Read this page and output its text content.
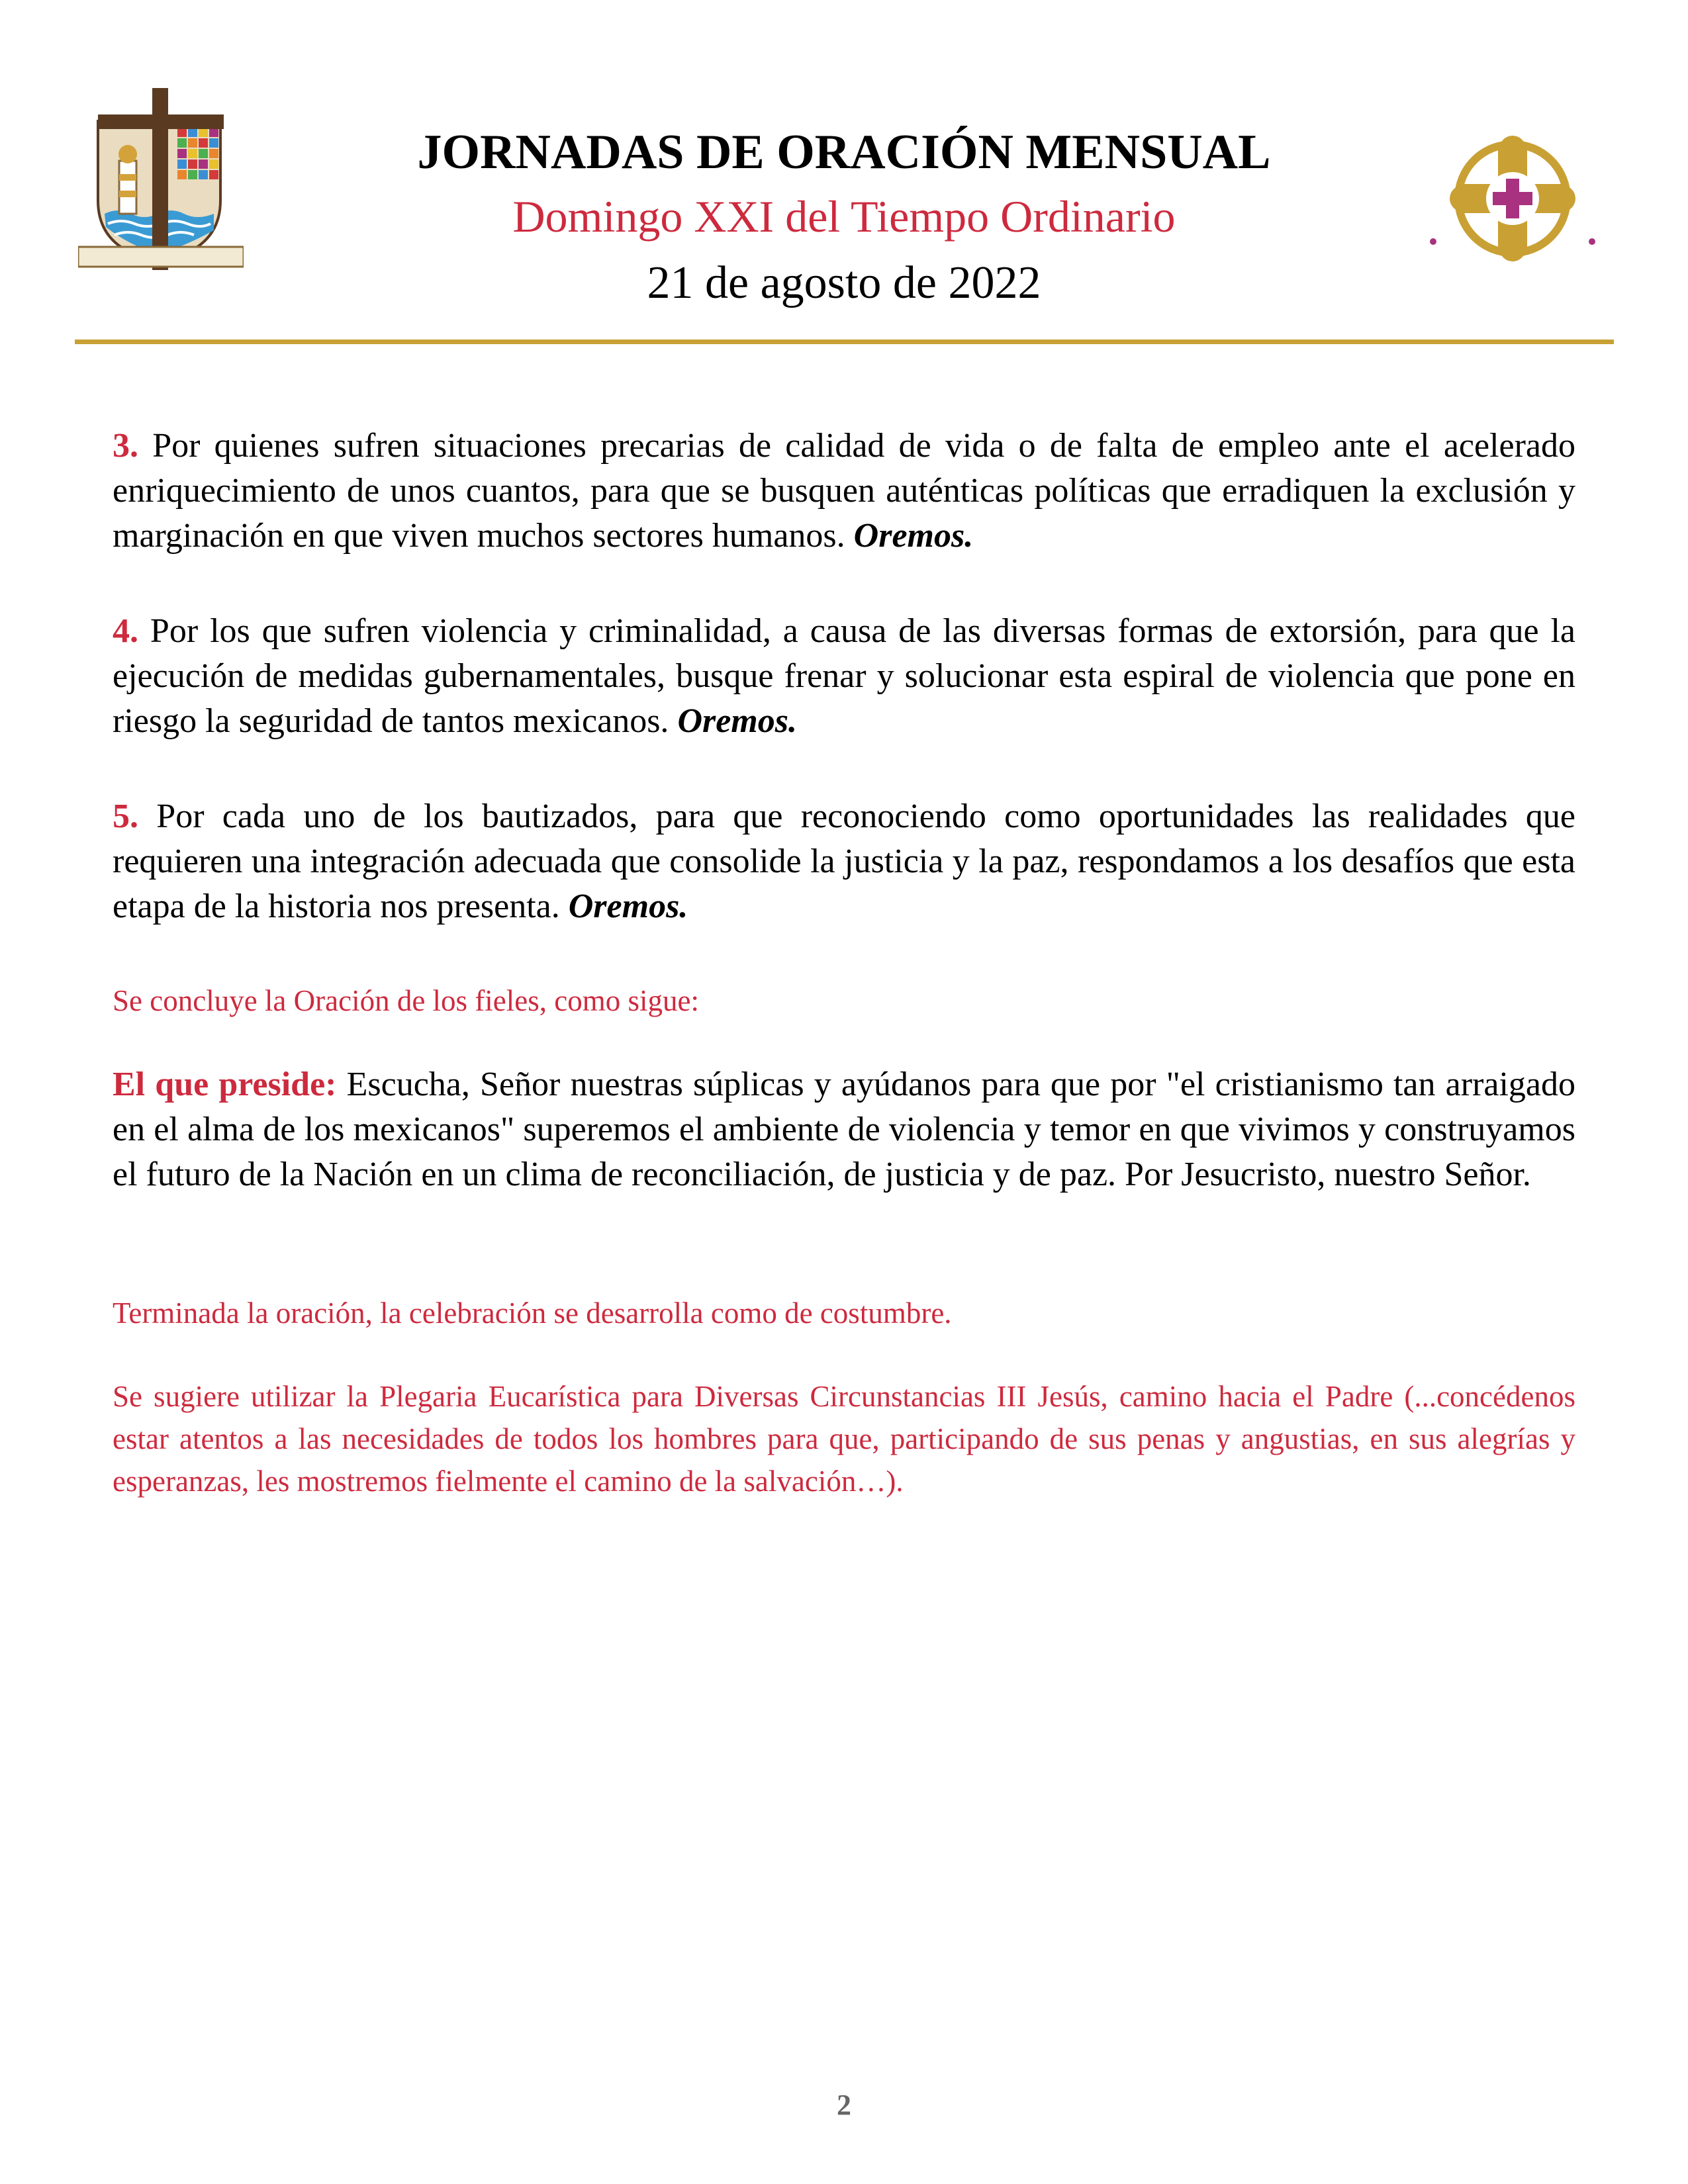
JORNADAS DE ORACIÓN MENSUAL
Domingo XXI del Tiempo Ordinario
21 de agosto de 2022

3. Por quienes sufren situaciones precarias de calidad de vida o de falta de empleo ante el acelerado enriquecimiento de unos cuantos, para que se busquen auténticas políticas que erradiquen la exclusión y marginación en que viven muchos sectores humanos. Oremos.

4. Por los que sufren violencia y criminalidad, a causa de las diversas formas de extorsión, para que la ejecución de medidas gubernamentales, busque frenar y solucionar esta espiral de violencia que pone en riesgo la seguridad de tantos mexicanos. Oremos.

5. Por cada uno de los bautizados, para que reconociendo como oportunidades las realidades que requieren una integración adecuada que consolide la justicia y la paz, respondamos a los desafíos que esta etapa de la historia nos presenta. Oremos.

Se concluye la Oración de los fieles, como sigue:

El que preside: Escucha, Señor nuestras súplicas y ayúdanos para que por "el cristianismo tan arraigado en el alma de los mexicanos" superemos el ambiente de violencia y temor en que vivimos y construyamos el futuro de la Nación en un clima de reconciliación, de justicia y de paz. Por Jesucristo, nuestro Señor.

Terminada la oración, la celebración se desarrolla como de costumbre.

Se sugiere utilizar la Plegaria Eucarística para Diversas Circunstancias III Jesús, camino hacia el Padre (...concédenos estar atentos a las necesidades de todos los hombres para que, participando de sus penas y angustias, en sus alegrías y esperanzas, les mostremos fielmente el camino de la salvación…).

2
